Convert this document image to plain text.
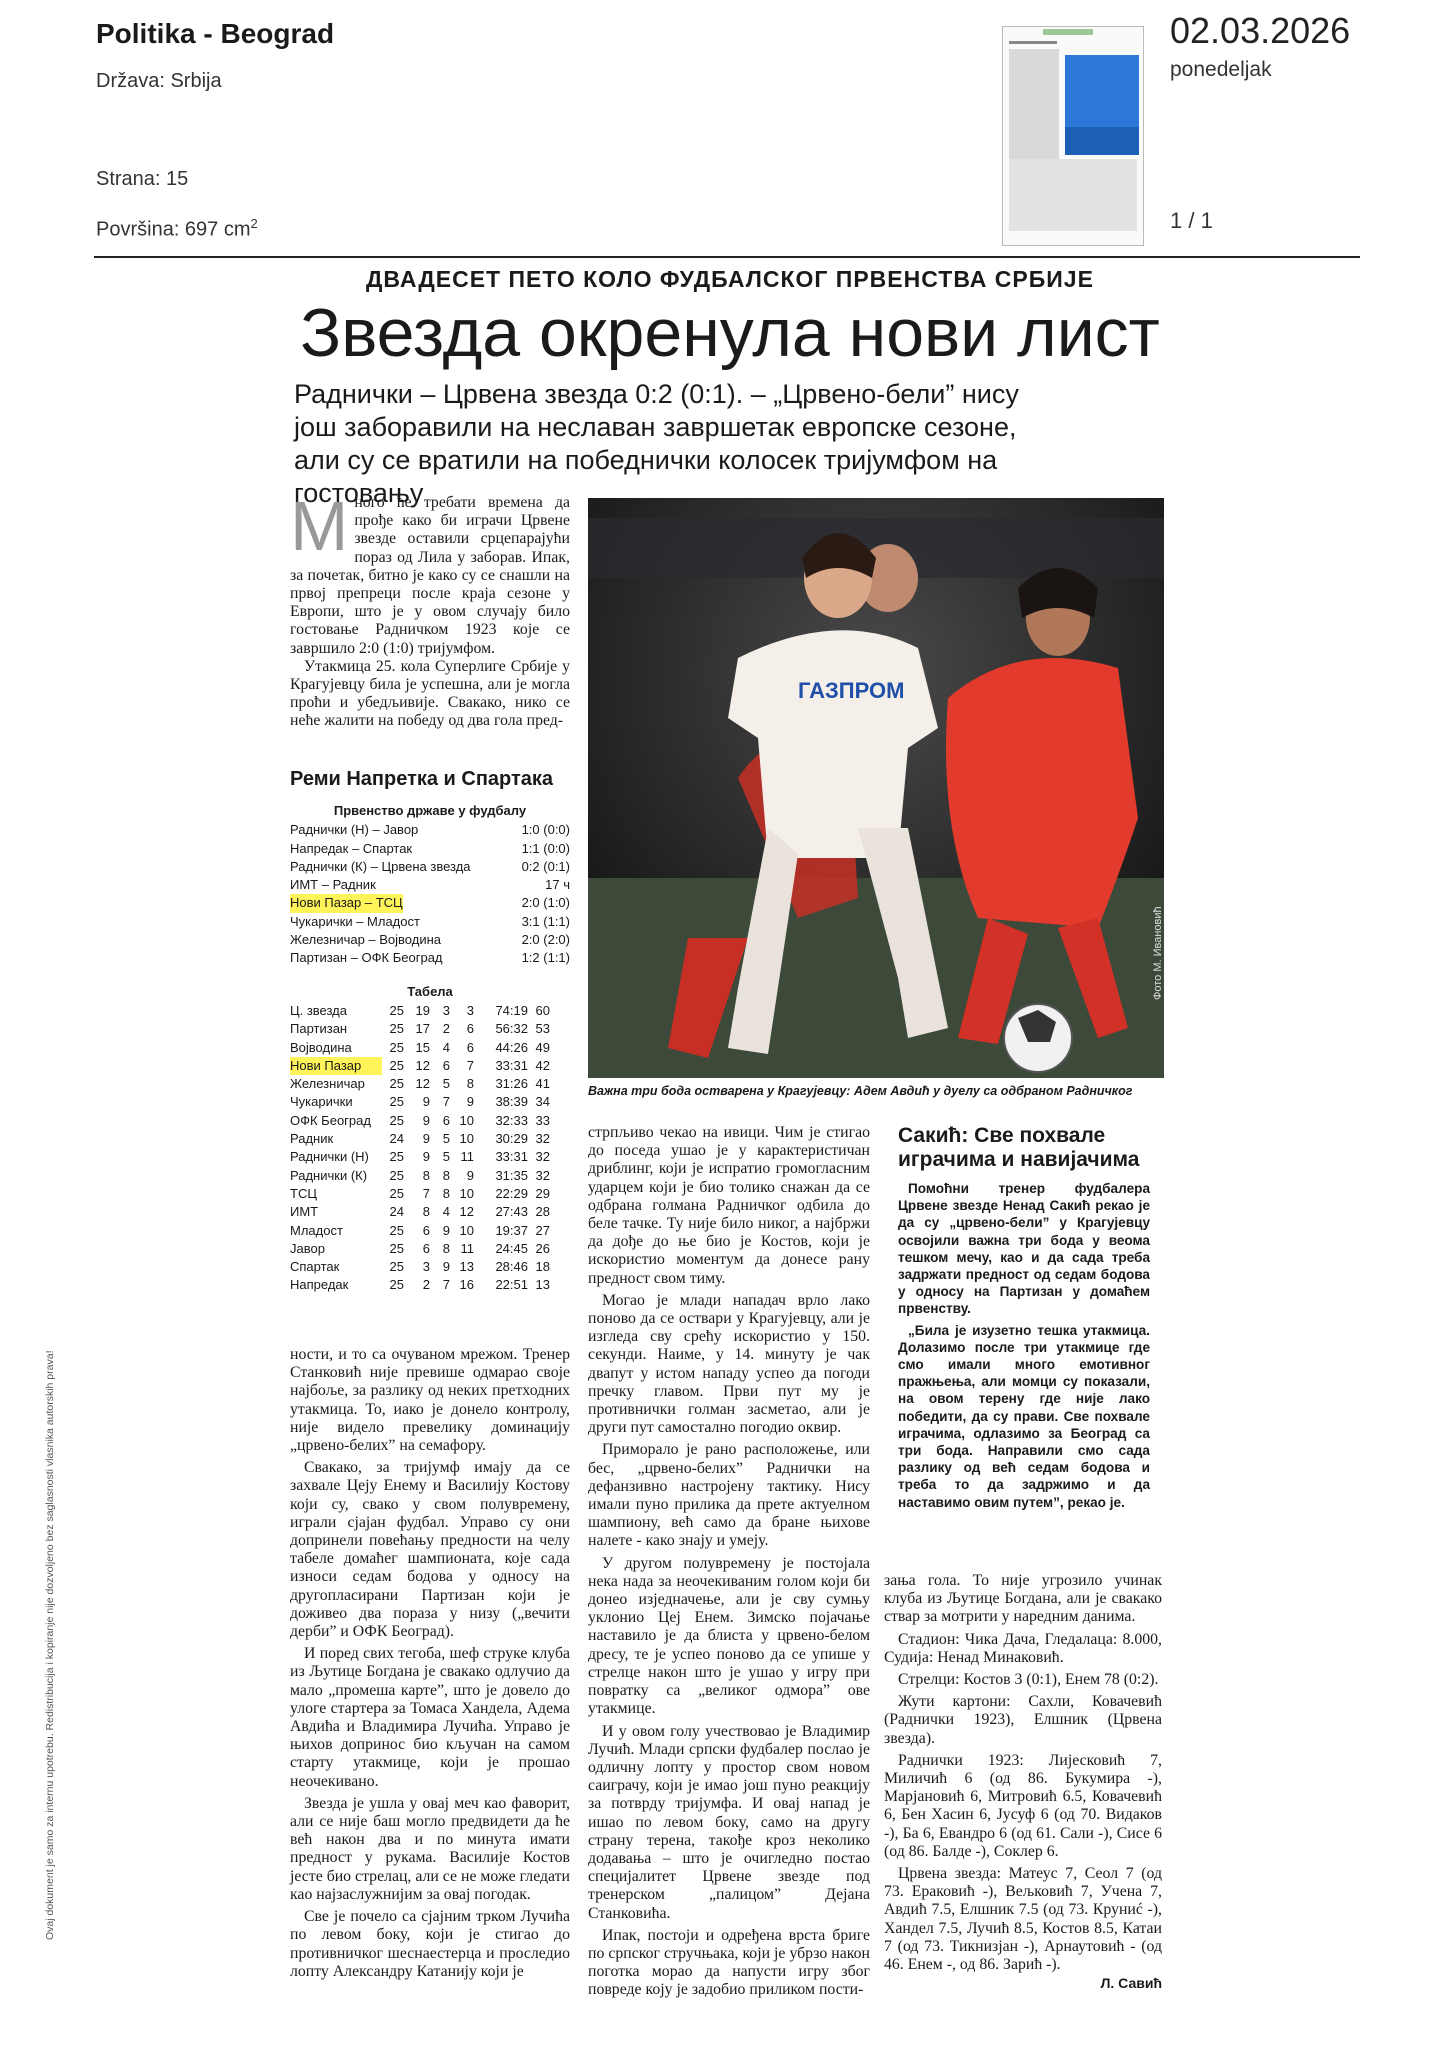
Politika - Beograd
Država: Srbija
Strana: 15
Površina: 697 $cm^2$
02.03.2026
ponedeljak
1 / 1
ДВАДЕСЕТ ПЕТО КОЛО ФУДБАЛСКОГ ПРВЕНСТВА СРБИЈЕ
Звезда окренула нови лист
Раднички – Црвена звезда 0:2 (0:1). – „Црвено-бели” нису још заборавили на неславан завршетак европске сезоне, али су се вратили на победнички колосек тријумфом на гостовању

Mного ће требати времена да прође како би играчи Црвене звезде оставили срцепарајући пораз од Лила у заборав. Ипак, за почетак, битно је како су се снашли на првој препреци после краја сезоне у Европи, што је у овом случају било гостовање Радничком 1923 које се завршило 2:0 (1:0) тријумфом.

Утакмица 25. кола Суперлиге Србије у Крагујевцу била је успешна, али је могла проћи и убедљивије. Свакако, нико се неће жалити на победу од два гола пред-

Реми Напретка и Спартака
Првенство државе у фудбалу
Раднички (Н) – Јавор	1:0 (0:0)
Напредак – Спартак	1:1 (0:0)
Раднички (К) – Црвена звезда	0:2 (0:1)
ИМТ – Радник	17 ч
Нови Пазар – ТСЦ	2:0 (1:0)
Чукарички – Младост	3:1 (1:1)
Железничар – Војводина	2:0 (2:0)
Партизан – ОФК Београд	1:2 (1:1)
Табела
Ц. звезда	25 19 3	3	74:19 60
Партизан	25 17 2	6	56:32 53
Војводина	25 15 4	6	44:26 49
Нови Пазар	25 12 6	7	33:31 42
Железничар	25 12 5	8	31:26 41
Чукарички	25	9 7	9	38:39 34
ОФК Београд	25	9 6 10	32:33 33
Радник	24	9 5 10	30:29 32
Раднички (Н)	25	9 5 11	33:31 32
Раднички (К)	25	8 8	9	31:35 32
ТСЦ	25	7 8 10	22:29 29
ИМТ	24	8 4 12	27:43 28
Младост	25	6 9 10	19:37 27
Јавор	25	6 8 11	24:45 26
Спартак	25	3 9 13	28:46 18
Напредак	25	2 7 16	22:51 13

ности, и то са очуваном мрежом. Тренер Станковић није превише одмарао своје најбоље, за разлику од неких претходних утакмица. То, иако је донело контролу, није видело превелику доминацију „црвено-белих” на семафору.

Свакако, за тријумф имају да се захвале Цеју Енему и Василију Костову који су, свако у свом полувремену, играли сјајан фудбал. Управо су они допринели повећању предности на челу табеле домаћег шампионата, које сада износи седам бодова у односу на другопласирани Партизан који је доживео два пораза у низу („вечити дерби” и ОФК Београд).

И поред свих тегоба, шеф струке клуба из Љутице Богдана је свакако одлучио да мало „промеша карте”, што је довело до улоге стартера за Томаса Хандела, Адема Авдића и Владимира Лучића. Управо је њихов допринос био кључан на самом старту утакмице, који је прошао неочекивано.

Звезда је ушла у овај меч као фаворит, али се није баш могло предвидети да ће већ након два и по минута имати предност у рукама. Василије Костов јесте био стрелац, али се не може гледати као најзаслужнијим за овај погодак.

Све је почело са сјајним трком Лучића по левом боку, који је стигао до противничког шеснаестерца и проследио лопту Александру Катанију који је

ГАЗПРОМ
Фото М. Ивановић
Важна три бода остварена у Крагујевцу: Адем Авдић у дуелу са одбраном Радничког

стрпљиво чекао на ивици. Чим је стигао до поседа ушао је у карактеристичан дриблинг, који је испратио громогласним ударцем који је био толико снажан да се одбрана голмана Радничког одбила до беле тачке. Ту није било никог, а најбржи да дође до ње био је Костов, који је искористио моментум да донесе рану предност свом тиму.

Могао је млади нападач врло лако поново да се оствари у Крагујевцу, али је изгледа сву срећу искористио у 150. секунди. Наиме, у 14. минуту је чак двапут у истом нападу успео да погоди пречку главом. Први пут му је противнички голман засметао, али је други пут самостално погодио оквир.

Приморало је рано расположење, или бес, „црвено-белих” Раднички на дефанзивно настројену тактику. Нису имали пуно прилика да прете актуелном шампиону, већ само да бране њихове налете - како знају и умеју.

У другом полувремену је постојала нека нада за неочекиваним голом који би донео изједначење, али је сву сумњу уклонио Цеј Енем. Зимско појачање наставило је да блиста у црвено-белом дресу, те је успео поново да се упише у стрелце након што је ушао у игру при повратку са „великог одмора” ове утакмице.

И у овом голу учествовао је Владимир Лучић. Млади српски фудбалер послао је одличну лопту у простор свом новом саиграчу, који је имао још пуно реакцију за потврду тријумфа. И овај напад је ишао по левом боку, само на другу страну терена, такође кроз неколико додавања – што је очигледно постао специјалитет Црвене звезде под тренерском „палицом” Дејана Станковића.

Ипак, постоји и одређена врста бриге по српског стручњака, који је убрзо након поготка морао да напусти игру због повреде коју је задобио приликом пости-

Сакић: Све похвале играчима и навијачима

Помоћни тренер фудбалера Црвене звезде Ненад Сакић рекао је да су „црвено-бели” у Крагујевцу освојили важна три бода у веома тешком мечу, као и да сада треба задржати предност од седам бодова у односу на Партизан у домаћем првенству.

„Била је изузетно тешка утакмица. Долазимо после три утакмице где смо имали много емотивног пражњења, али момци су показали, на овом терену где није лако победити, да су прави. Све похвале играчима, одлазимо за Београд са три бода. Направили смо сада разлику од већ седам бодова и треба то да задржимо и да наставимо овим путем”, рекао је.

зања гола. То није угрозило учинак клуба из Љутице Богдана, али је свакако ствар за мотрити у наредним данима.

Стадион: Чика Дача, Гледалаца: 8.000, Судија: Ненад Минаковић.

Стрелци: Костов 3 (0:1), Енем 78 (0:2).

Жути картони: Сахли, Ковачевић (Раднички 1923), Елшник (Црвена звезда).

Раднички 1923: Лијесковић 7, Миличић 6 (од 86. Букумира -), Марјановић 6, Митровић 6.5, Ковачевић 6, Бен Хасин 6, Јусуф 6 (од 70. Видаков -), Ба 6, Евандро 6 (од 61. Сали -), Сисе 6 (од 86. Балде -), Соклер 6.

Црвена звезда: Матеус 7, Сеол 7 (од 73. Ераковић -), Вељковић 7, Учена 7, Авдић 7.5, Елшник 7.5 (од 73. Круниć -), Хандел 7.5, Лучић 8.5, Костов 8.5, Катаи 7 (од 73. Тикнизјан -), Арнаутовић - (од 46. Енем -, од 86. Зарић -).

Л. Савић
Ovaj dokument je samo za internu upotrebu. Redistribucija i kopiranje nije dozvoljeno bez saglasnosti vlasnika autorskih prava!
